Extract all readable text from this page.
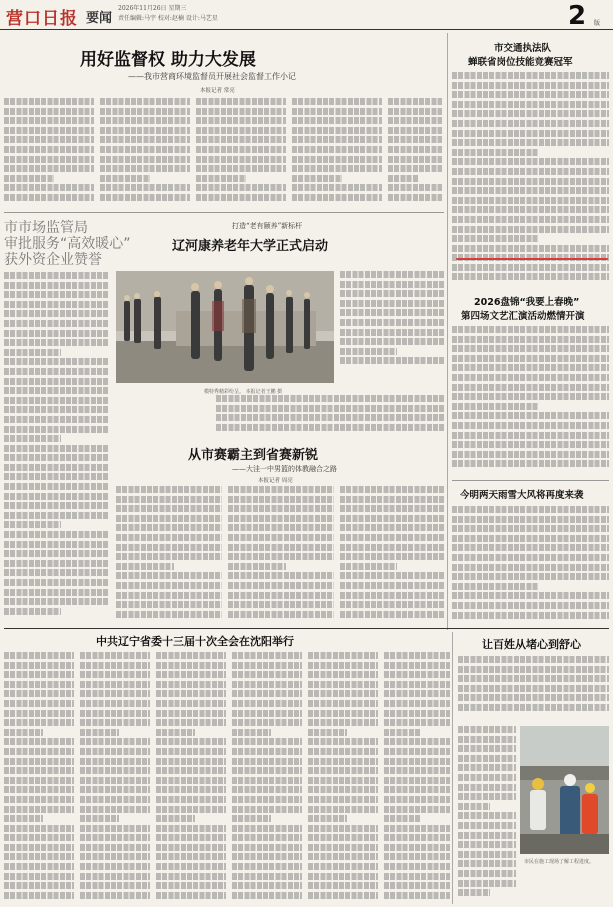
营口日报 要闻
2026年11月26日 星期三
责任编辑:马宇 校对:赵楠 设计:马艺星	2 版
用好监督权 助力大发展
——我市营商环境监督员开展社会监督工作小记
本报记者 常亮
市市场监管局
审批服务“高效暖心”
获外资企业赞誉
打造“老有颐养”新标杆
辽河康养老年大学正式启动
模特秀精彩纷呈。 本报记者王鹏 摄
从市赛霸主到省赛新锐
——大洼一中男篮的体教融合之路
本报记者 周亮
市交通执法队
蝉联省岗位技能竞赛冠军
2026盘锦“我要上春晚”
第四场文艺汇演活动燃情开演
今明两天雨雪大风将再度来袭
中共辽宁省委十三届十次全会在沈阳举行	让百姓从堵心到舒心
市民在施工现场了解工程进度。
